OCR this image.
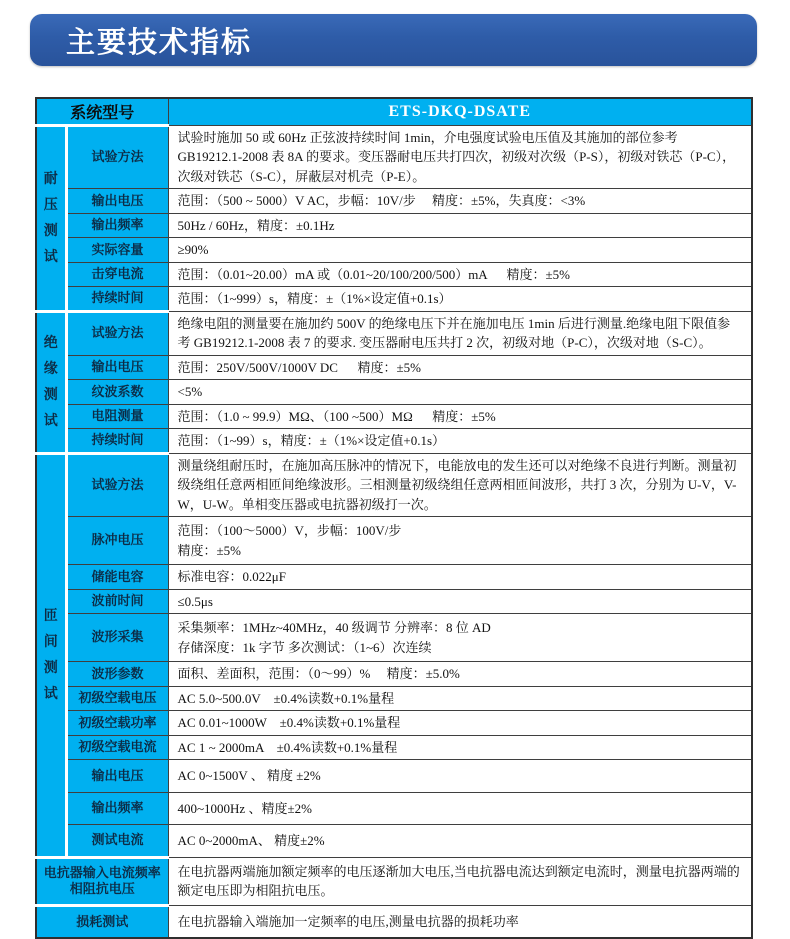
主要技术指标
系统型号		ETS-DKQ-DSATE
耐压测试	试验方法	试验时施加 50 或 60Hz 正弦波持续时间 1min，介电强度试验电压值及其施加的部位参考 GB19212.1-2008 表 8A 的要求。变压器耐电压共打四次，初级对次级（P-S），初级对铁芯（P-C），次级对铁芯（S-C），屏蔽层对机壳（P-E）。

	输出电压	范围：（500 ~ 5000）V AC，步幅：10V/步　 精度：±5%，失真度：<3%

	输出频率	50Hz / 60Hz，精度：±0.1Hz

	实际容量	≥90%

	击穿电流	范围：（0.01~20.00）mA 或（0.01~20/100/200/500）mA 　 精度：±5%

	持续时间	范围：（1~999）s，精度：±（1%×设定值+0.1s）

绝缘测试	试验方法	绝缘电阻的测量要在施加约 500V 的绝缘电压下并在施加电压 1min 后进行测量.绝缘电阻下限值参考 GB19212.1-2008 表 7 的要求. 变压器耐电压共打 2 次，初级对地（P-C），次级对地（S-C）。

	输出电压	范围：250V/500V/1000V DC 　 精度：±5%

	纹波系数	<5%

	电阻测量	范围：（1.0 ~ 99.9）MΩ、（100 ~500）MΩ 　 精度：±5%

	持续时间	范围：（1~99）s，精度：±（1%×设定值+0.1s）

匝间测试	试验方法	测量绕组耐压时，在施加高压脉冲的情况下，电能放电的发生还可以对绝缘不良进行判断。测量初级绕组任意两相匝间绝缘波形。三相测量初级绕组任意两相匝间波形，共打 3 次，分别为 U-V，V-W，U-W。单相变压器或电抗器初级打一次。

	脉冲电压	范围：（100～5000）V，步幅：100V/步
精度：±5%

	储能电容	标准电容：0.022μF

	波前时间	≤0.5μs

	波形采集	采集频率：1MHz~40MHz，40 级调节 分辨率：8 位 AD
存储深度：1k 字节 多次测试：（1~6）次连续

	波形参数	面积、差面积，范围：（0～99）% 　精度：±5.0%

	初级空载电压	AC 5.0~500.0V　±0.4%读数+0.1%量程

	初级空载功率	AC 0.01~1000W　±0.4%读数+0.1%量程

	初级空载电流	AC 1 ~ 2000mA　±0.4%读数+0.1%量程

	输出电压	AC 0~1500V 、 精度 ±2%

	输出频率	400~1000Hz 、精度±2%

	测试电流	AC 0~2000mA、 精度±2%

电抗器输入电流频率相阻抗电压		在电抗器两端施加额定频率的电压逐渐加大电压,当电抗器电流达到额定电流时，测量电抗器两端的额定电压即为相阻抗电压。

损耗测试		在电抗器输入端施加一定频率的电压,测量电抗器的损耗功率
